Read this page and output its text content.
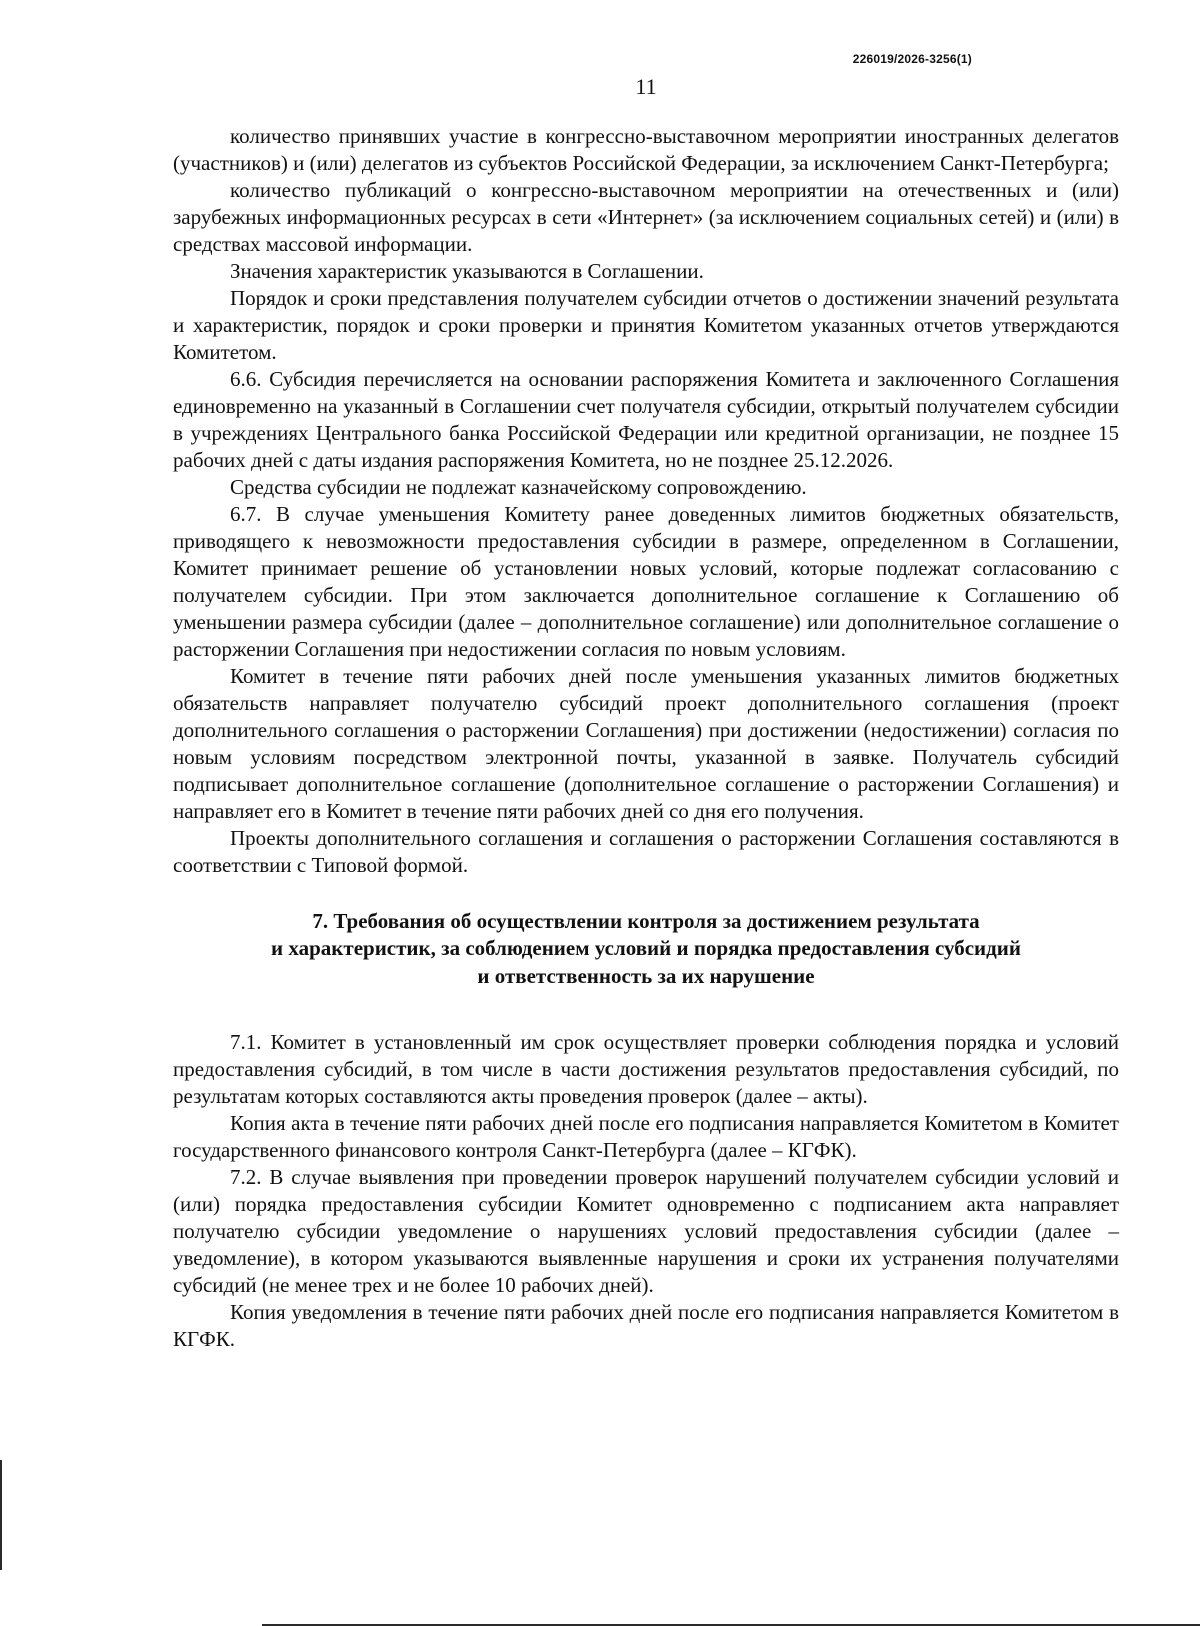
226019/2026-3256(1)
11

количество принявших участие в конгрессно-выставочном мероприятии иностранных делегатов (участников) и (или) делегатов из субъектов Российской Федерации, за исключением Санкт-Петербурга;

количество публикаций о конгрессно-выставочном мероприятии на отечественных и (или) зарубежных информационных ресурсах в сети «Интернет» (за исключением социальных сетей) и (или) в средствах массовой информации.

Значения характеристик указываются в Соглашении.

Порядок и сроки представления получателем субсидии отчетов о достижении значений результата и характеристик, порядок и сроки проверки и принятия Комитетом указанных отчетов утверждаются Комитетом.

6.6. Субсидия перечисляется на основании распоряжения Комитета и заключенного Соглашения единовременно на указанный в Соглашении счет получателя субсидии, открытый получателем субсидии в учреждениях Центрального банка Российской Федерации или кредитной организации, не позднее 15 рабочих дней с даты издания распоряжения Комитета, но не позднее 25.12.2026.

Средства субсидии не подлежат казначейскому сопровождению.

6.7. В случае уменьшения Комитету ранее доведенных лимитов бюджетных обязательств, приводящего к невозможности предоставления субсидии в размере, определенном в Соглашении, Комитет принимает решение об установлении новых условий, которые подлежат согласованию с получателем субсидии. При этом заключается дополнительное соглашение к Соглашению об уменьшении размера субсидии (далее – дополнительное соглашение) или дополнительное соглашение о расторжении Соглашения при недостижении согласия по новым условиям.

Комитет в течение пяти рабочих дней после уменьшения указанных лимитов бюджетных обязательств направляет получателю субсидий проект дополнительного соглашения (проект дополнительного соглашения о расторжении Соглашения) при достижении (недостижении) согласия по новым условиям посредством электронной почты, указанной в заявке. Получатель субсидий подписывает дополнительное соглашение (дополнительное соглашение о расторжении Соглашения) и направляет его в Комитет в течение пяти рабочих дней со дня его получения.

Проекты дополнительного соглашения и соглашения о расторжении Соглашения составляются в соответствии с Типовой формой.

7. Требования об осуществлении контроля за достижением результата
и характеристик, за соблюдением условий и порядка предоставления субсидий
и ответственность за их нарушение

7.1. Комитет в установленный им срок осуществляет проверки соблюдения порядка и условий предоставления субсидий, в том числе в части достижения результатов предоставления субсидий, по результатам которых составляются акты проведения проверок (далее – акты).

Копия акта в течение пяти рабочих дней после его подписания направляется Комитетом в Комитет государственного финансового контроля Санкт-Петербурга (далее – КГФК).

7.2. В случае выявления при проведении проверок нарушений получателем субсидии условий и (или) порядка предоставления субсидии Комитет одновременно с подписанием акта направляет получателю субсидии уведомление о нарушениях условий предоставления субсидии (далее – уведомление), в котором указываются выявленные нарушения и сроки их устранения получателями субсидий (не менее трех и не более 10 рабочих дней).

Копия уведомления в течение пяти рабочих дней после его подписания направляется Комитетом в КГФК.
